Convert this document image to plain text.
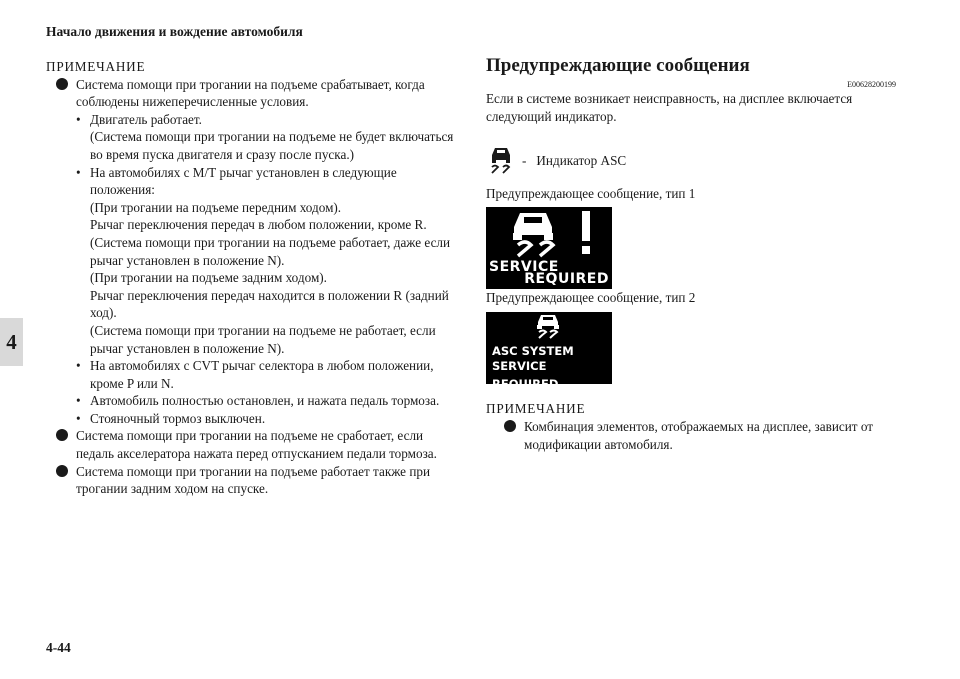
Начало движения и вождение автомобиля
4
ПРИМЕЧАНИЕ
Система помощи при трогании на подъеме срабатывает, когда соблюдены нижеперечисленные условия.
• Двигатель работает.
(Система помощи при трогании на подъеме не будет включаться во время пуска двигателя и сразу после пуска.)
• На автомобилях с М/Т рычаг установлен в следующие положения:
(При трогании на подъеме передним ходом).
Рычаг переключения передач в любом положении, кроме R.
(Система помощи при трогании на подъеме работает, даже если рычаг установлен в положение N).
(При трогании на подъеме задним ходом).
Рычаг переключения передач находится в положении R (задний ход).
(Система помощи при трогании на подъеме не работает, если рычаг установлен в положение N).
• На автомобилях с CVT рычаг селектора в любом положении, кроме P или N.
• Автомобиль полностью остановлен, и нажата педаль тормоза.
• Стояночный тормоз выключен.
Система помощи при трогании на подъеме не сработает, если педаль акселератора нажата перед отпусканием педали тормоза.
Система помощи при трогании на подъеме работает также при трогании задним ходом на спуске.
Предупреждающие сообщения
E00628200199
Если в системе возникает неисправность, на дисплее включается следующий индикатор.
- Индикатор ASC
Предупреждающее сообщение, тип 1
SERVICE
REQUIRED
Предупреждающее сообщение, тип 2
ASC SYSTEM
SERVICE REQUIRED
ПРИМЕЧАНИЕ
Комбинация элементов, отображаемых на дисплее, зависит от модификации автомобиля.
4-44
